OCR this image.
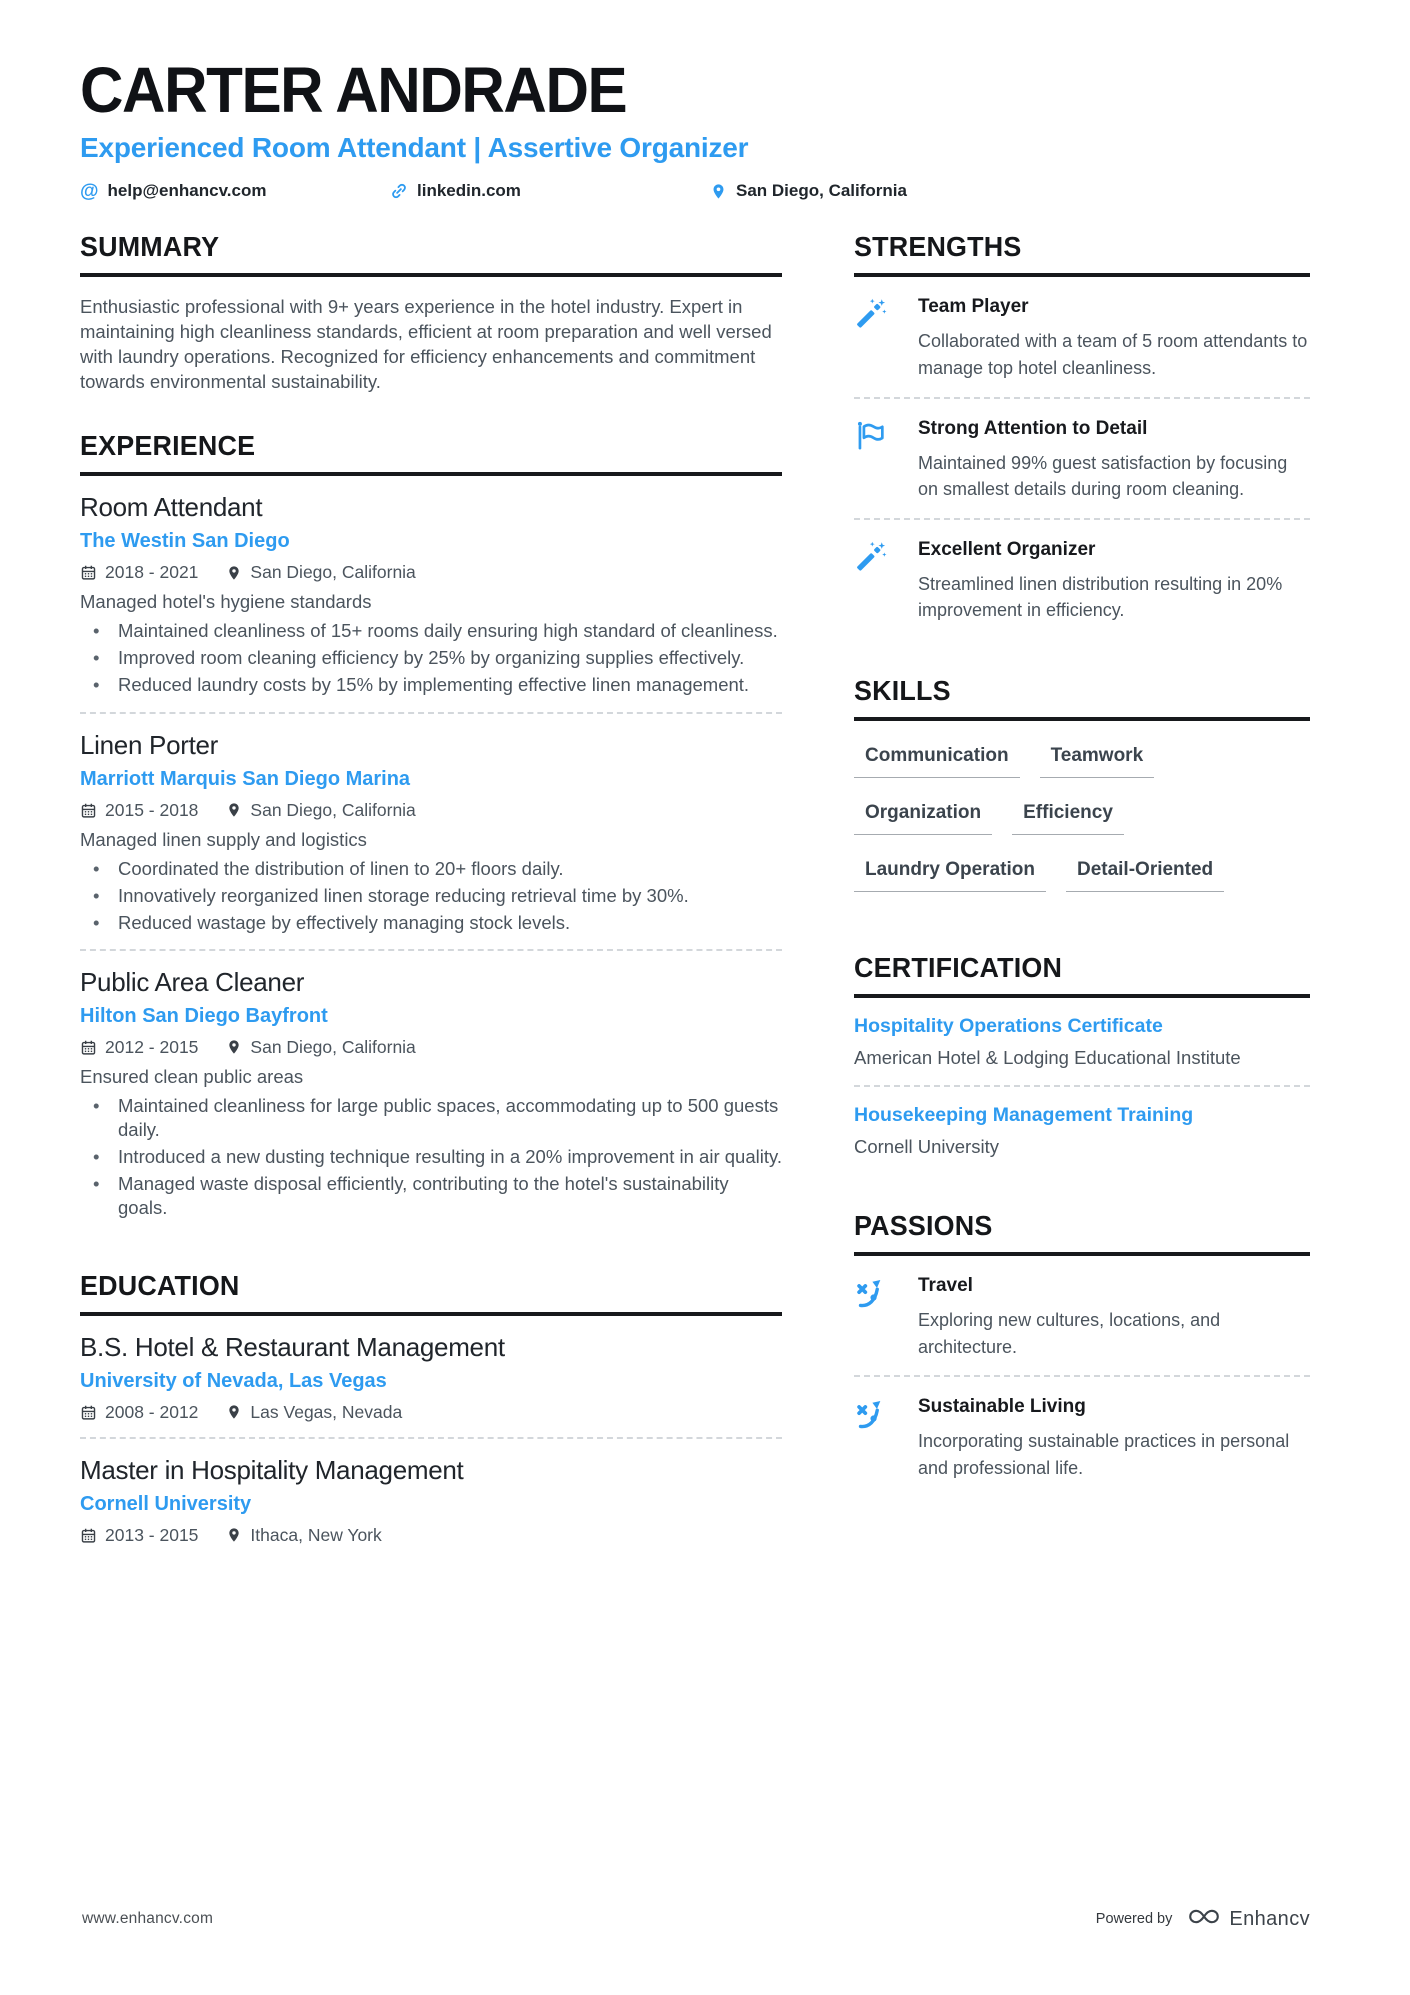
CARTER ANDRADE
Experienced Room Attendant | Assertive Organizer
@ help@enhancv.com	linkedin.com	San Diego, California
SUMMARY

Enthusiastic professional with 9+ years experience in the hotel industry. Expert in maintaining high cleanliness standards, efficient at room preparation and well versed with laundry operations. Recognized for efficiency enhancements and commitment towards environmental sustainability.

EXPERIENCE
Room Attendant
The Westin San Diego
2018 - 2021	San Diego, California
Managed hotel's hygiene standards
• Maintained cleanliness of 15+ rooms daily ensuring high standard of cleanliness.
• Improved room cleaning efficiency by 25% by organizing supplies effectively.
• Reduced laundry costs by 15% by implementing effective linen management.
Linen Porter
Marriott Marquis San Diego Marina
2015 - 2018	San Diego, California
Managed linen supply and logistics
• Coordinated the distribution of linen to 20+ floors daily.
• Innovatively reorganized linen storage reducing retrieval time by 30%.
• Reduced wastage by effectively managing stock levels.
Public Area Cleaner
Hilton San Diego Bayfront
2012 - 2015	San Diego, California
Ensured clean public areas
• Maintained cleanliness for large public spaces, accommodating up to 500 guests daily.
• Introduced a new dusting technique resulting in a 20% improvement in air quality.
• Managed waste disposal efficiently, contributing to the hotel's sustainability goals.
EDUCATION
B.S. Hotel & Restaurant Management
University of Nevada, Las Vegas
2008 - 2012	Las Vegas, Nevada
Master in Hospitality Management
Cornell University
2013 - 2015	Ithaca, New York
STRENGTHS
Team Player

Collaborated with a team of 5 room attendants to manage top hotel cleanliness.

Strong Attention to Detail

Maintained 99% guest satisfaction by focusing on smallest details during room cleaning.

Excellent Organizer

Streamlined linen distribution resulting in 20% improvement in efficiency.

SKILLS
Communication	Teamwork
Organization	Efficiency
Laundry Operation	Detail-Oriented
CERTIFICATION
Hospitality Operations Certificate
American Hotel & Lodging Educational Institute
Housekeeping Management Training
Cornell University
PASSIONS
Travel

Exploring new cultures, locations, and architecture.

Sustainable Living

Incorporating sustainable practices in personal and professional life.

www.enhancv.com	Powered by	Enhancv
